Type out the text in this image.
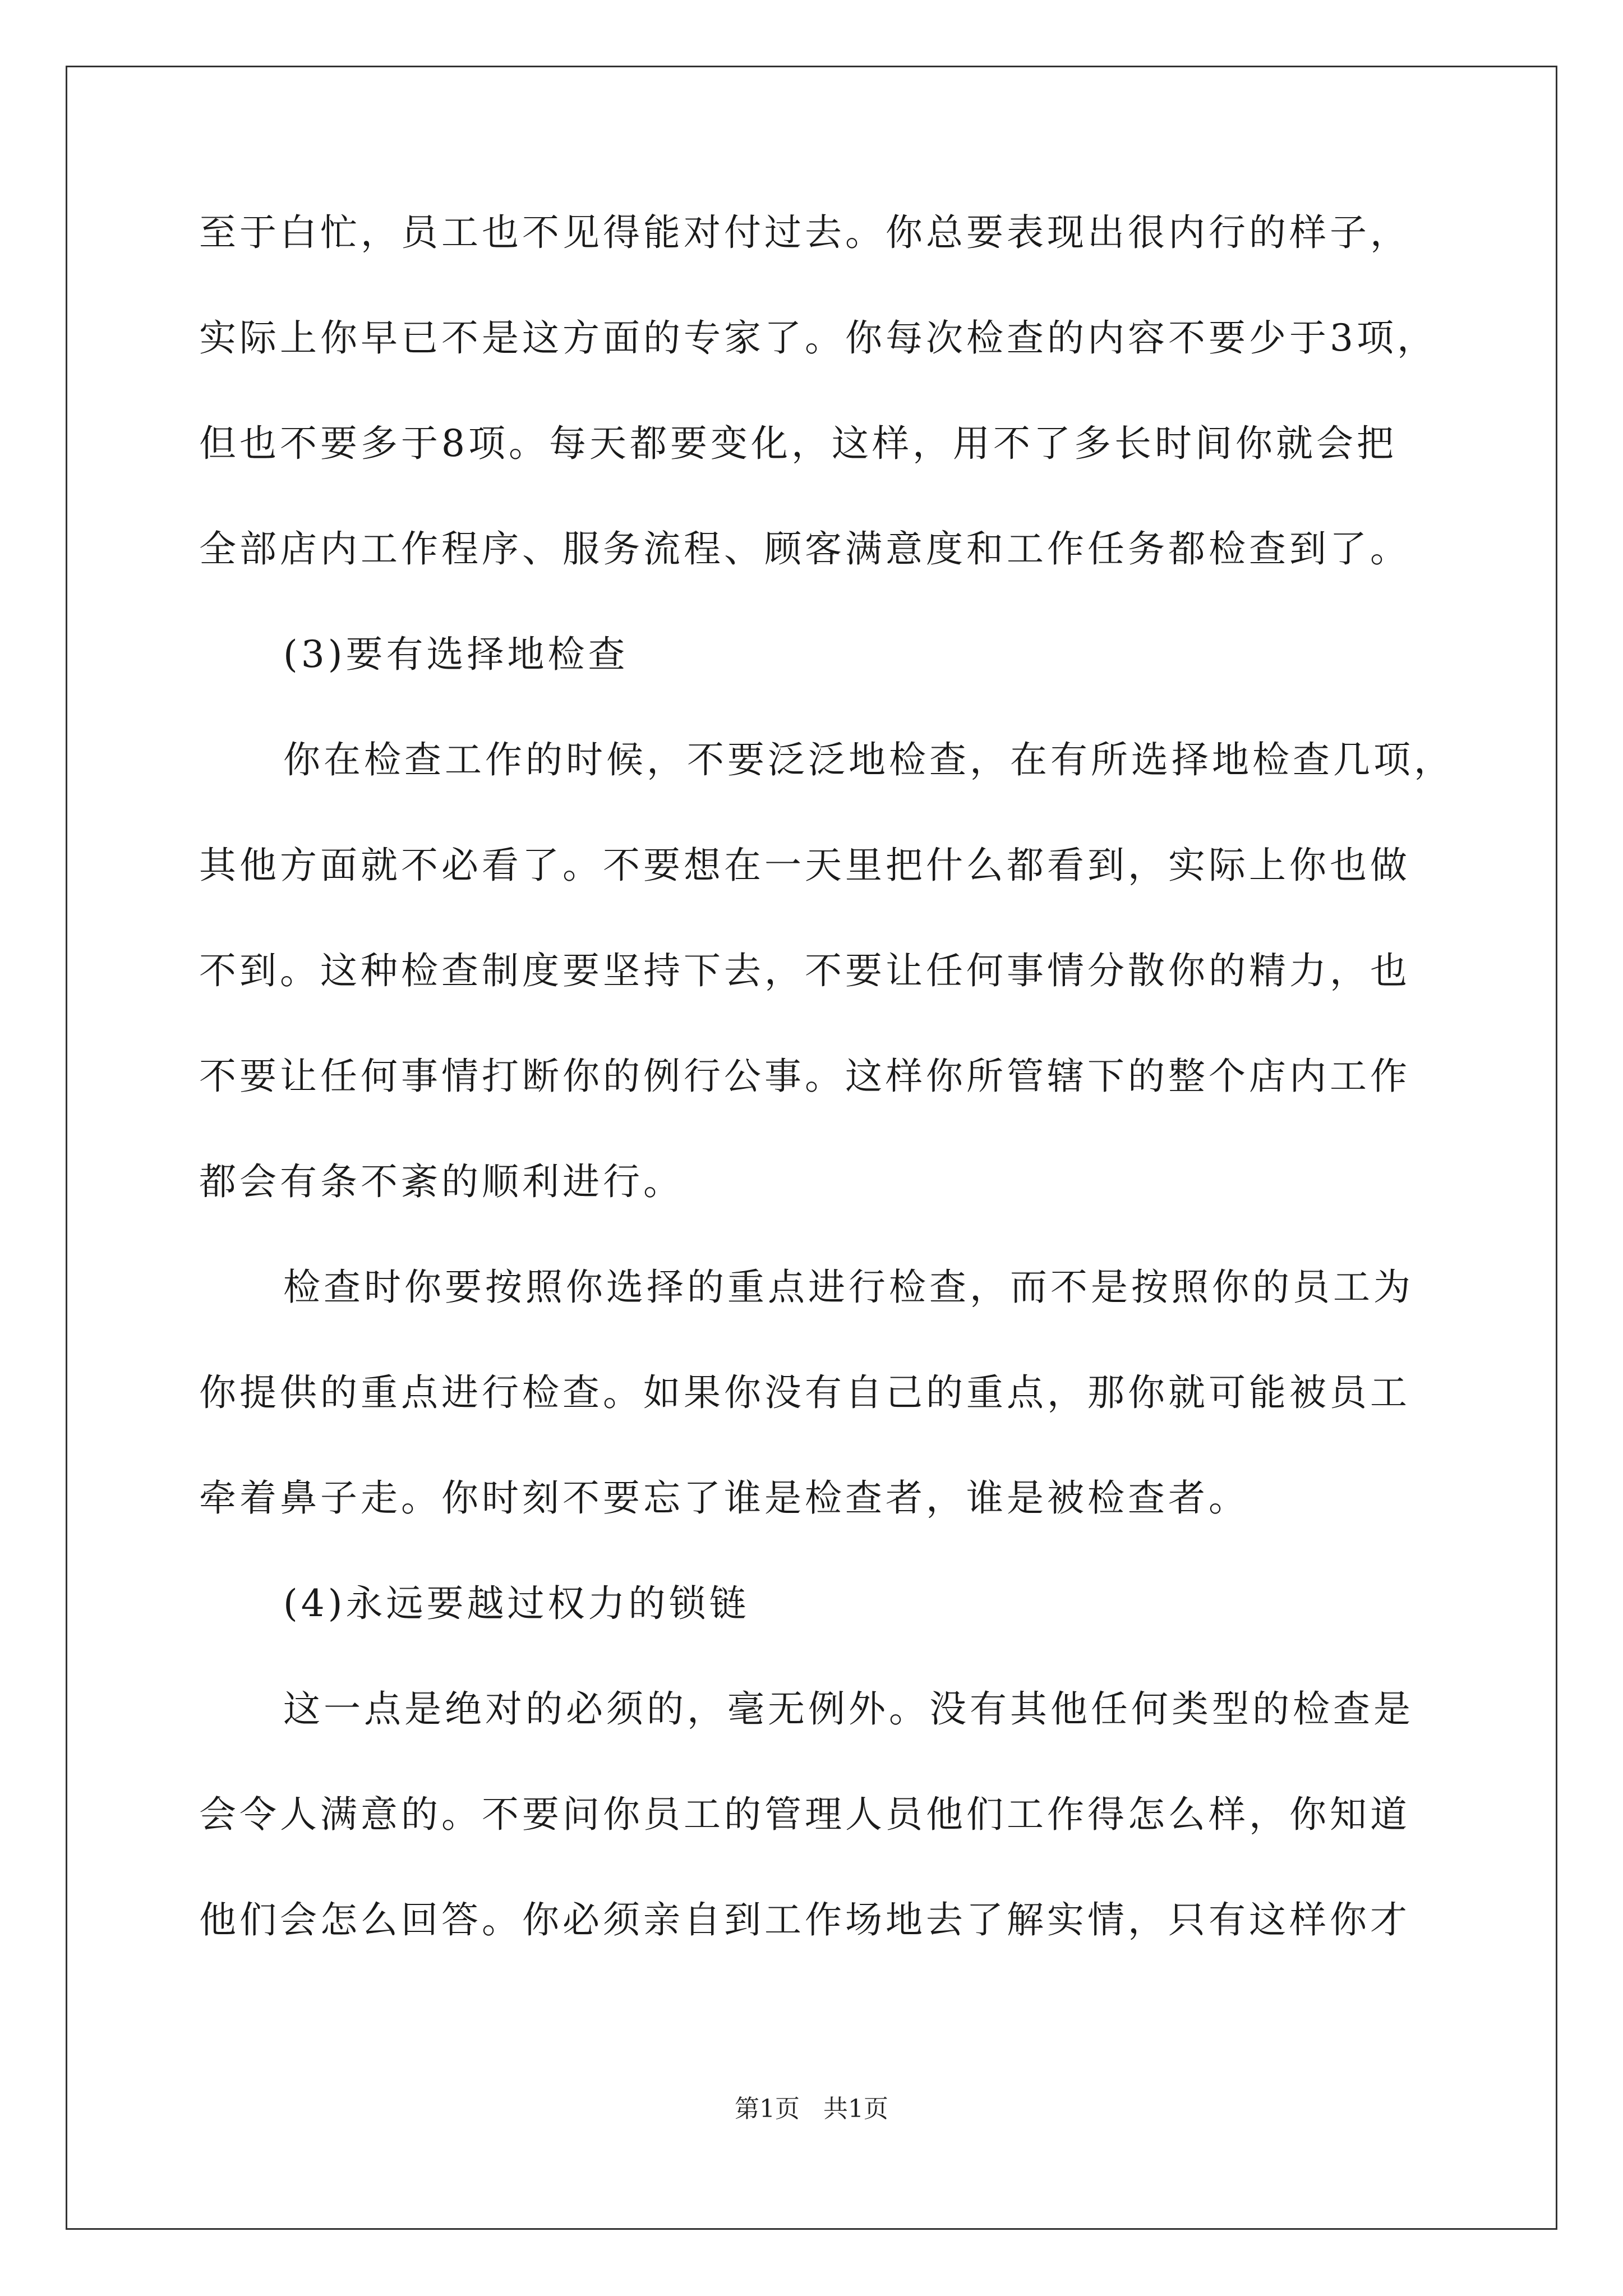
至于白忙，员工也不见得能对付过去。你总要表现出很内行的样子，
实际上你早已不是这方面的专家了。你每次检查的内容不要少于3项，
但也不要多于8项。每天都要变化，这样，用不了多长时间你就会把
全部店内工作程序、服务流程、顾客满意度和工作任务都检查到了。
(3)要有选择地检查
你在检查工作的时候，不要泛泛地检查，在有所选择地检查几项，
其他方面就不必看了。不要想在一天里把什么都看到，实际上你也做
不到。这种检查制度要坚持下去，不要让任何事情分散你的精力，也
不要让任何事情打断你的例行公事。这样你所管辖下的整个店内工作
都会有条不紊的顺利进行。
检查时你要按照你选择的重点进行检查，而不是按照你的员工为
你提供的重点进行检查。如果你没有自己的重点，那你就可能被员工
牵着鼻子走。你时刻不要忘了谁是检查者，谁是被检查者。
(4)永远要越过权力的锁链
这一点是绝对的必须的，毫无例外。没有其他任何类型的检查是
会令人满意的。不要问你员工的管理人员他们工作得怎么样，你知道
他们会怎么回答。你必须亲自到工作场地去了解实情，只有这样你才
第1页 共1页
